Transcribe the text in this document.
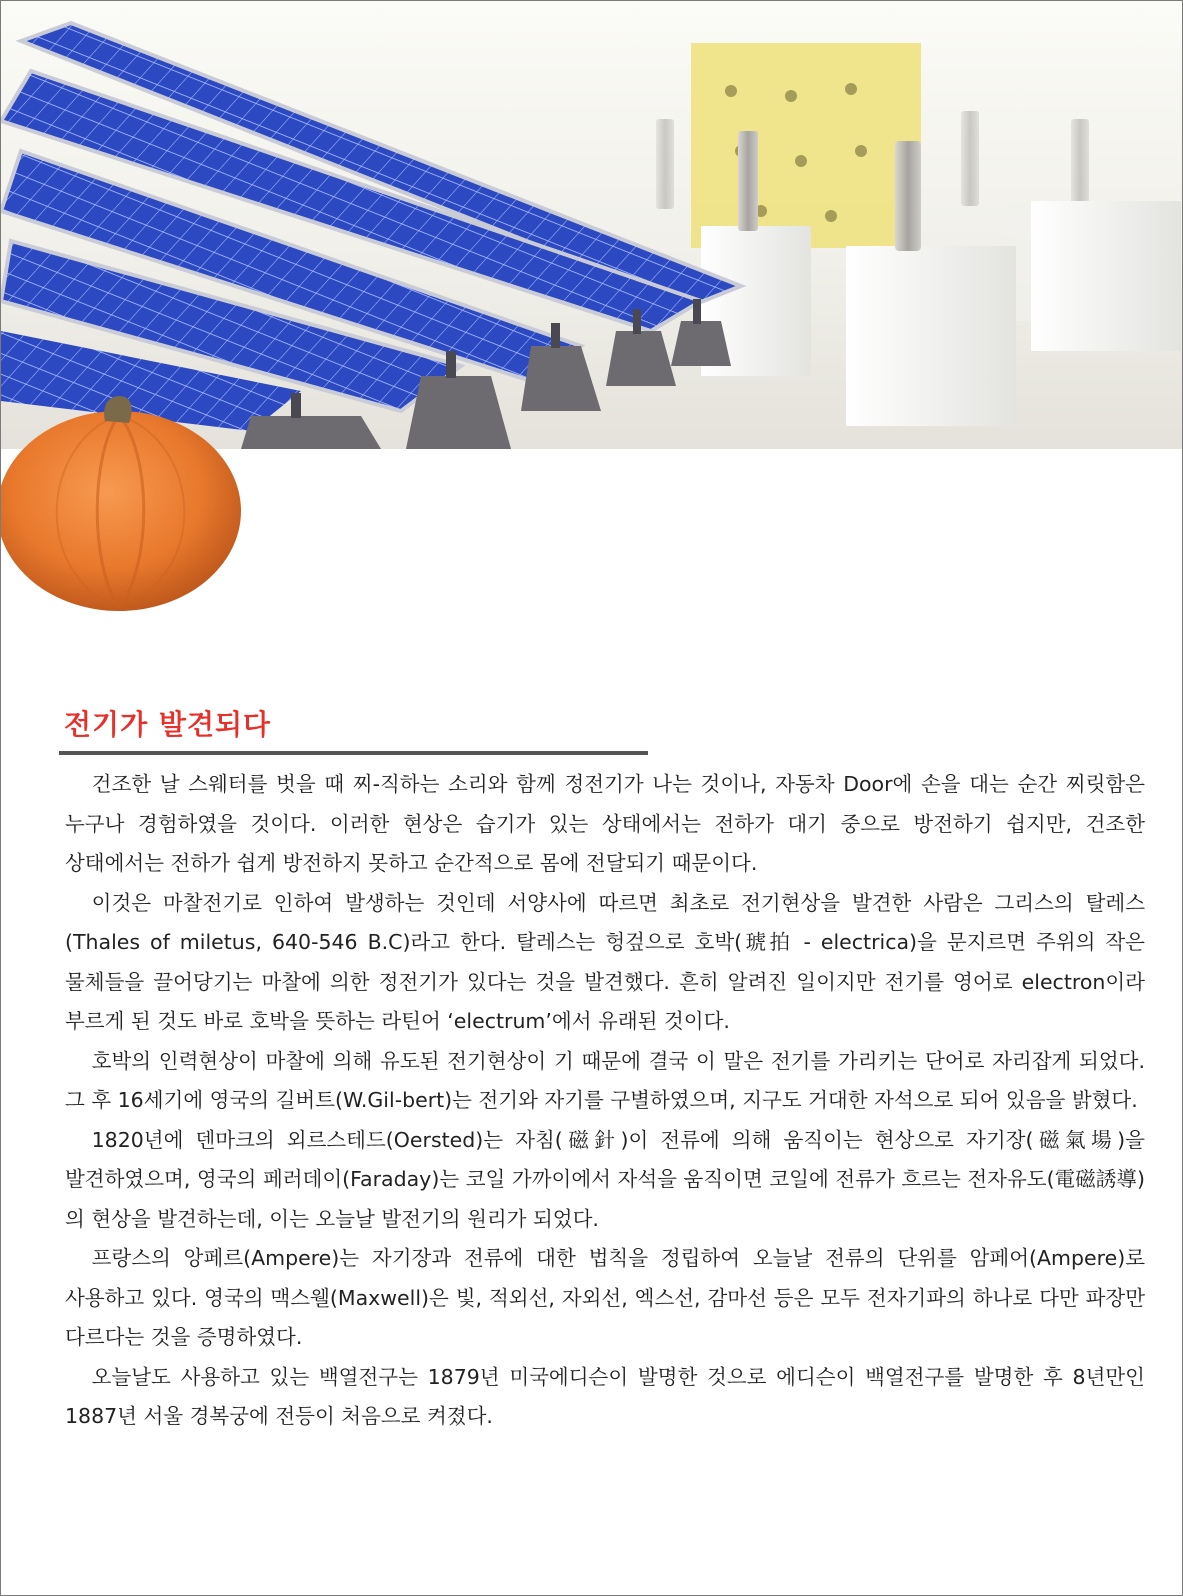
전기가 발견되다

건조한 날 스웨터를 벗을 때 찌-직하는 소리와 함께 정전기가 나는 것이나, 자동차 Door에 손을 대는 순간 찌릿함은 누구나 경험하였을 것이다. 이러한 현상은 습기가 있는 상태에서는 전하가 대기 중으로 방전하기 쉽지만, 건조한 상태에서는 전하가 쉽게 방전하지 못하고 순간적으로 몸에 전달되기 때문이다.

이것은 마찰전기로 인하여 발생하는 것인데 서양사에 따르면 최초로 전기현상을 발견한 사람은 그리스의 탈레스(Thales of miletus, 640-546 B.C)라고 한다. 탈레스는 헝겊으로 호박(琥拍 - electrica)을 문지르면 주위의 작은 물체들을 끌어당기는 마찰에 의한 정전기가 있다는 것을 발견했다. 흔히 알려진 일이지만 전기를 영어로 electron이라 부르게 된 것도 바로 호박을 뜻하는 라틴어 ‘electrum’에서 유래된 것이다.

호박의 인력현상이 마찰에 의해 유도된 전기현상이 기 때문에 결국 이 말은 전기를 가리키는 단어로 자리잡게 되었다. 그 후 16세기에 영국의 길버트(W.Gil-bert)는 전기와 자기를 구별하였으며, 지구도 거대한 자석으로 되어 있음을 밝혔다.

1820년에 덴마크의 외르스테드(Oersted)는 자침(磁針)이 전류에 의해 움직이는 현상으로 자기장(磁氣場)을 발견하였으며, 영국의 페러데이(Faraday)는 코일 가까이에서 자석을 움직이면 코일에 전류가 흐르는 전자유도(電磁誘導)의 현상을 발견하는데, 이는 오늘날 발전기의 원리가 되었다.

프랑스의 앙페르(Ampere)는 자기장과 전류에 대한 법칙을 정립하여 오늘날 전류의 단위를 암페어(Ampere)로 사용하고 있다. 영국의 맥스웰(Maxwell)은 빛, 적외선, 자외선, 엑스선, 감마선 등은 모두 전자기파의 하나로 다만 파장만 다르다는 것을 증명하였다.

오늘날도 사용하고 있는 백열전구는 1879년 미국에디슨이 발명한 것으로 에디슨이 백열전구를 발명한 후 8년만인 1887년 서울 경복궁에 전등이 처음으로 켜졌다.
